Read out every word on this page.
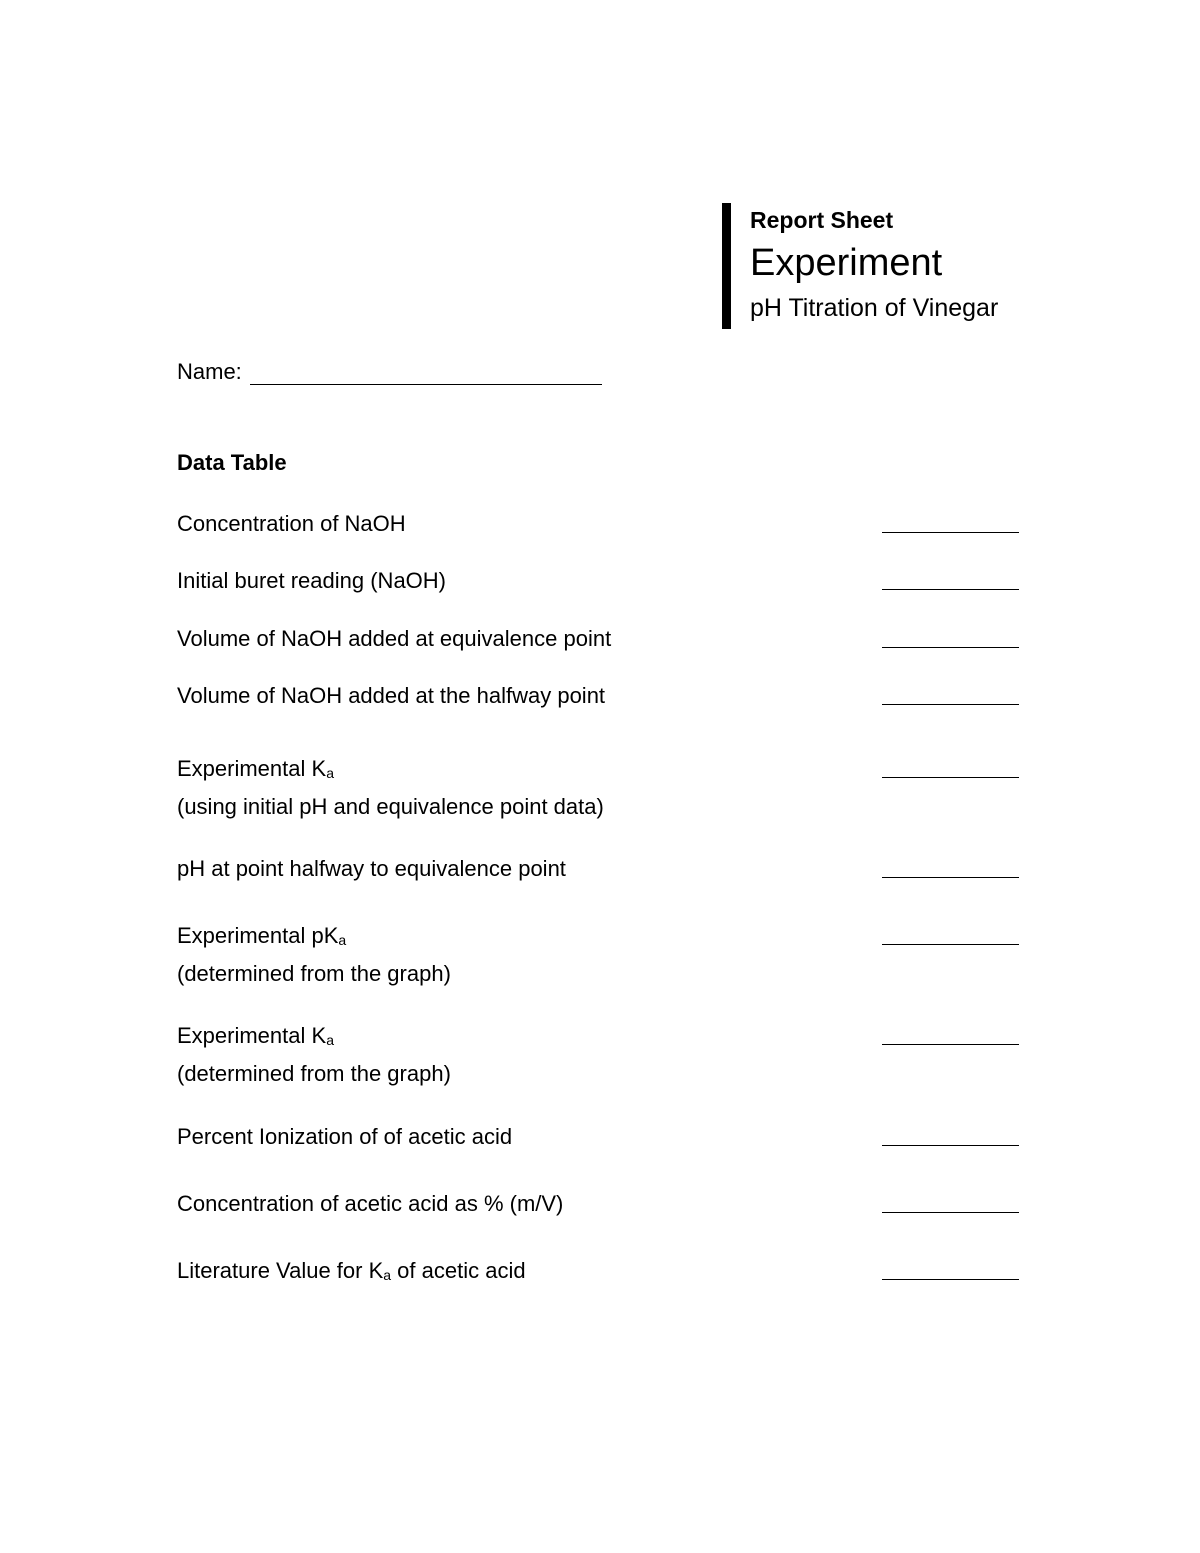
Report Sheet
Experiment
pH Titration of Vinegar
Name:
Data Table
Concentration of NaOH
Initial buret reading (NaOH)
Volume of NaOH added at equivalence point
Volume of NaOH added at the halfway point
Experimental $K_a$
(using initial pH and equivalence point data)
pH at point halfway to equivalence point
Experimental $pK_a$
(determined from the graph)
Experimental $K_a$
(determined from the graph)
Percent Ionization of of acetic acid
Concentration of acetic acid as % (m/V)
Literature Value for $K_a$ of acetic acid
